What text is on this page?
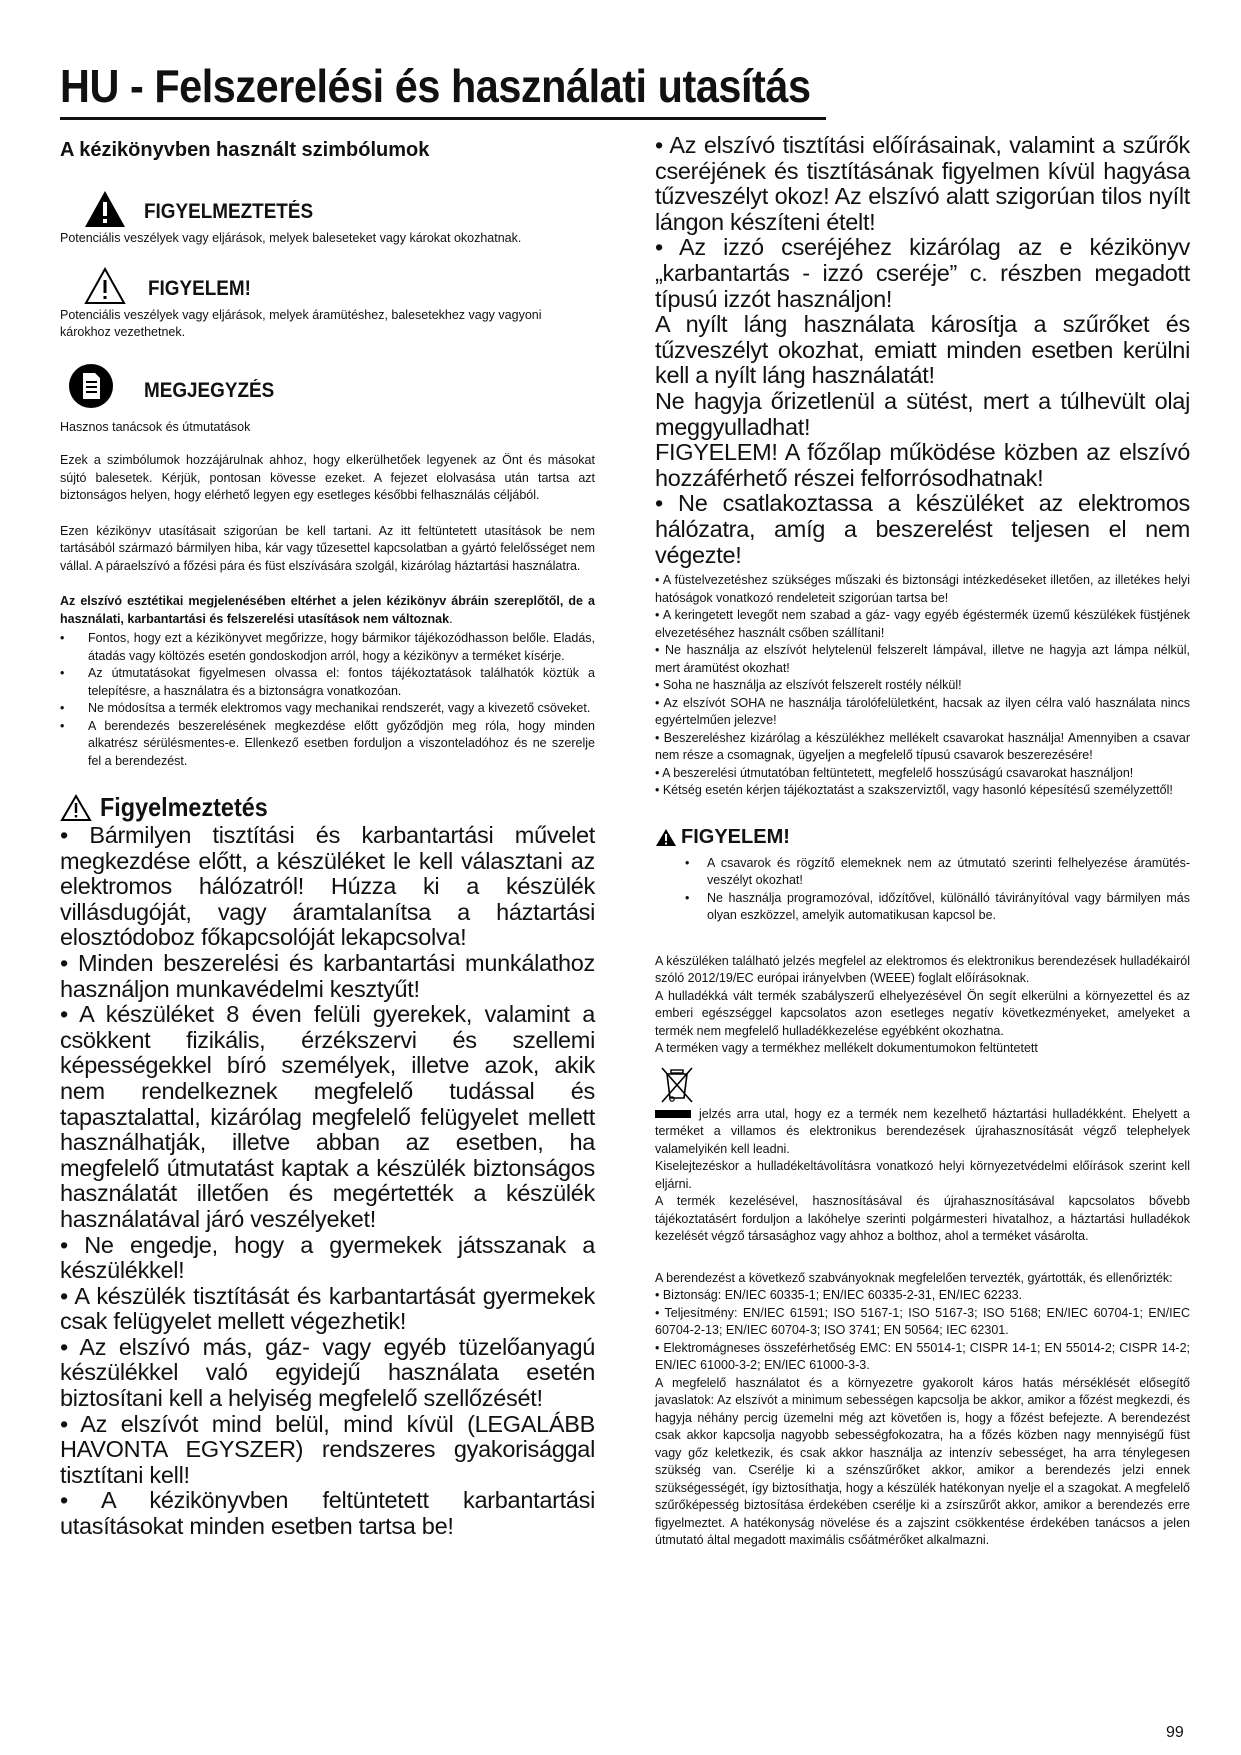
HU - Felszerelési és használati utasítás
A kézikönyvben használt szimbólumok
FIGYELMEZTETÉS

Potenciális veszélyek vagy eljárások, melyek baleseteket vagy károkat okozhatnak.

FIGYELEM!

Potenciális veszélyek vagy eljárások, melyek áramütéshez, balesetekhez vagy vagyoni károkhoz vezethetnek.

MEGJEGYZÉS

Hasznos tanácsok és útmutatások

Ezek a szimbólumok hozzájárulnak ahhoz, hogy elkerülhetőek legyenek az Önt és másokat sújtó balesetek. Kérjük, pontosan kövesse ezeket. A fejezet elolvasása után tartsa azt biztonságos helyen, hogy elérhető legyen egy esetleges későbbi felhasználás céljából.

Ezen kézikönyv utasításait szigorúan be kell tartani. Az itt feltüntetett utasítások be nem tartásából származó bármilyen hiba, kár vagy tűzesettel kapcsolatban a gyártó felelősséget nem vállal. A páraelszívó a főzési pára és füst elszívására szolgál, kizárólag háztartási használatra.

Az elszívó esztétikai megjelenésében eltérhet a jelen kézikönyv ábráin szereplőtől, de a használati, karbantartási és felszerelési utasítások nem változnak.

• Fontos, hogy ezt a kézikönyvet megőrizze, hogy bármikor tájékozódhasson belőle. Eladás, átadás vagy költözés esetén gondoskodjon arról, hogy a kézikönyv a terméket kísérje.
• Az útmutatásokat figyelmesen olvassa el: fontos tájékoztatások találhatók köztük a telepítésre, a használatra és a biztonságra vonatkozóan.
• Ne módosítsa a termék elektromos vagy mechanikai rendszerét, vagy a kivezető csöveket.
• A berendezés beszerelésének megkezdése előtt győződjön meg róla, hogy minden alkatrész sérülésmentes-e. Ellenkező esetben forduljon a viszonteladóhoz és ne szerelje fel a berendezést.
Figyelmeztetés

• Bármilyen tisztítási és karbantartási művelet megkezdése előtt, a készüléket le kell választani az elektromos hálózatról! Húzza ki a készülék villásdugóját, vagy áramtalanítsa a háztartási elosztódoboz főkapcsolóját lekapcsolva!

• Minden beszerelési és karbantartási munkálathoz használjon munkavédelmi kesztyűt!

• A készüléket 8 éven felüli gyerekek, valamint a csökkent fizikális, érzékszervi és szellemi képességekkel bíró személyek, illetve azok, akik nem rendelkeznek megfelelő tudással és tapasztalattal, kizárólag megfelelő felügyelet mellett használhatják, illetve abban az esetben, ha megfelelő útmutatást kaptak a készülék biztonságos használatát illetően és megértették a készülék használatával járó veszélyeket!

• Ne engedje, hogy a gyermekek játsszanak a készülékkel!

• A készülék tisztítását és karbantartását gyermekek csak felügyelet mellett végezhetik!

• Az elszívó más, gáz- vagy egyéb tüzelőanyagú készülékkel való egyidejű használata esetén biztosítani kell a helyiség megfelelő szellőzését!

• Az elszívót mind belül, mind kívül (LEGALÁBB HAVONTA EGYSZER) rendszeres gyakorisággal tisztítani kell!

• A kézikönyvben feltüntetett karbantartási utasításokat minden esetben tartsa be!

• Az elszívó tisztítási előírásainak, valamint a szűrők cseréjének és tisztításának figyelmen kívül hagyása tűzveszélyt okoz! Az elszívó alatt szigorúan tilos nyílt lángon készíteni ételt!

• Az izzó cseréjéhez kizárólag az e kézikönyv „karbantartás - izzó cseréje” c. részben megadott típusú izzót használjon!

A nyílt láng használata károsítja a szűrőket és tűzveszélyt okozhat, emiatt minden esetben kerülni kell a nyílt láng használatát!

Ne hagyja őrizetlenül a sütést, mert a túlhevült olaj meggyulladhat!

FIGYELEM! A főzőlap működése közben az elszívó hozzáférhető részei felforrósodhatnak!

• Ne csatlakoztassa a készüléket az elektromos hálózatra, amíg a beszerelést teljesen el nem végezte!

• A füstelvezetéshez szükséges műszaki és biztonsági intézkedéseket illetően, az illetékes helyi hatóságok vonatkozó rendeleteit szigorúan tartsa be!

• A keringetett levegőt nem szabad a gáz- vagy egyéb égéstermék üzemű készülékek füstjének elvezetéséhez használt csőben szállítani!

• Ne használja az elszívót helytelenül felszerelt lámpával, illetve ne hagyja azt lámpa nélkül, mert áramütést okozhat!

• Soha ne használja az elszívót felszerelt rostély nélkül!

• Az elszívót SOHA ne használja tárolófelületként, hacsak az ilyen célra való használata nincs egyértelműen jelezve!

• Beszereléshez kizárólag a készülékhez mellékelt csavarokat használja! Amennyiben a csavar nem része a csomagnak, ügyeljen a megfelelő típusú csavarok beszerezésére!

• A beszerelési útmutatóban feltüntetett, megfelelő hosszúságú csavarokat használjon!

• Kétség esetén kérjen tájékoztatást a szakszerviztől, vagy hasonló képesítésű személyzettől!

FIGYELEM!
• A csavarok és rögzítő elemeknek nem az útmutató szerinti felhelyezése áramütés-veszélyt okozhat!
• Ne használja programozóval, időzítővel, különálló távirányítóval vagy bármilyen más olyan eszközzel, amelyik automatikusan kapcsol be.

A készüléken található jelzés megfelel az elektromos és elektronikus berendezések hulladékairól szóló 2012/19/EC európai irányelvben (WEEE) foglalt előírásoknak.

A hulladékká vált termék szabályszerű elhelyezésével Ön segít elkerülni a környezettel és az emberi egészséggel kapcsolatos azon esetleges negatív következményeket, amelyeket a termék nem megfelelő hulladékkezelése egyébként okozhatna.

A terméken vagy a termékhez mellékelt dokumentumokon feltüntetett

jelzés arra utal, hogy ez a termék nem kezelhető háztartási hulladékként. Ehelyett a terméket a villamos és elektronikus berendezések újrahasznosítását végző telephelyek valamelyikén kell leadni.

Kiselejtezéskor a hulladékeltávolításra vonatkozó helyi környezetvédelmi előírások szerint kell eljárni.

A termék kezelésével, hasznosításával és újrahasznosításával kapcsolatos bővebb tájékoztatásért forduljon a lakóhelye szerinti polgármesteri hivatalhoz, a háztartási hulladékok kezelését végző társasághoz vagy ahhoz a bolthoz, ahol a terméket vásárolta.

A berendezést a következő szabványoknak megfelelően tervezték, gyártották, és ellenőrizték:

• Biztonság: EN/IEC 60335-1; EN/IEC 60335-2-31, EN/IEC 62233.

• Teljesítmény: EN/IEC 61591; ISO 5167-1; ISO 5167-3; ISO 5168; EN/IEC 60704-1; EN/IEC 60704-2-13; EN/IEC 60704-3; ISO 3741; EN 50564; IEC 62301.

• Elektromágneses összeférhetőség EMC: EN 55014-1; CISPR 14-1; EN 55014-2; CISPR 14-2; EN/IEC 61000-3-2; EN/IEC 61000-3-3.

A megfelelő használatot és a környezetre gyakorolt káros hatás mérséklését elősegítő javaslatok: Az elszívót a minimum sebességen kapcsolja be akkor, amikor a főzést megkezdi, és hagyja néhány percig üzemelni még azt követően is, hogy a főzést befejezte. A berendezést csak akkor kapcsolja nagyobb sebességfokozatra, ha a főzés közben nagy mennyiségű füst vagy gőz keletkezik, és csak akkor használja az intenzív sebességet, ha arra ténylegesen szükség van. Cserélje ki a szénszűrőket akkor, amikor a berendezés jelzi ennek szükségességét, így biztosíthatja, hogy a készülék hatékonyan nyelje el a szagokat. A megfelelő szűrőképesség biztosítása érdekében cserélje ki a zsírszűrőt akkor, amikor a berendezés erre figyelmeztet. A hatékonyság növelése és a zajszint csökkentése érdekében tanácsos a jelen útmutató által megadott maximális csőátmérőket alkalmazni.

99
